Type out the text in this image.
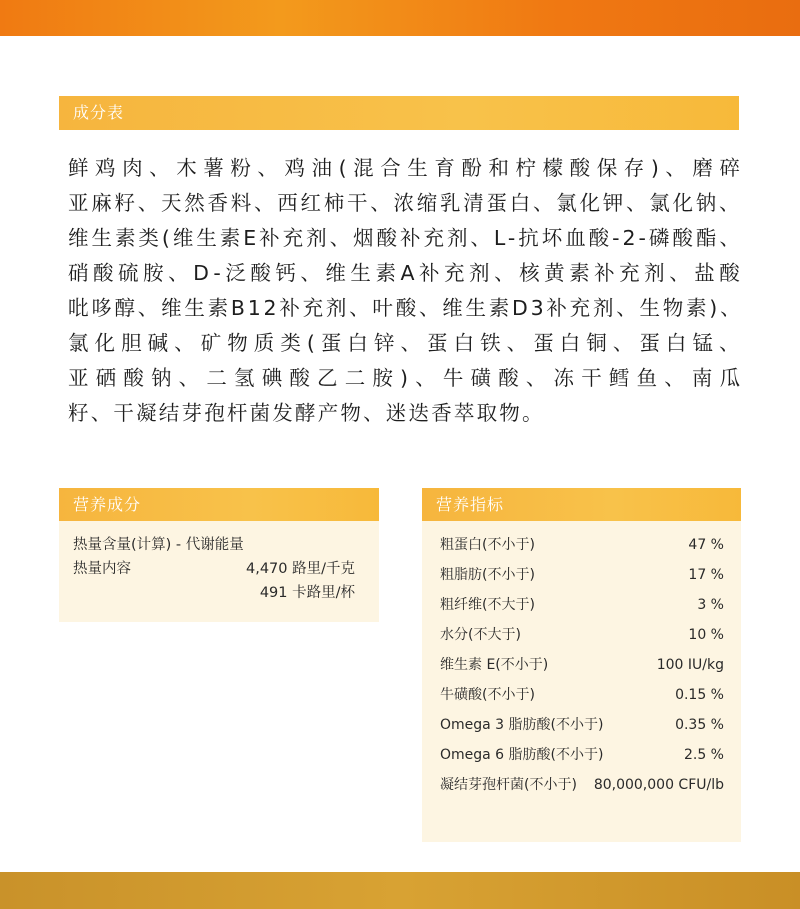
成分表
鲜鸡肉、木薯粉、鸡油(混合生育酚和柠檬酸保存)、磨碎
亚麻籽、天然香料、西红柿干、浓缩乳清蛋白、氯化钾、氯化钠、
维生素类(维生素E补充剂、烟酸补充剂、L-抗坏血酸-2-磷酸酯、
硝酸硫胺、D-泛酸钙、维生素A补充剂、核黄素补充剂、盐酸
吡哆醇、维生素B12补充剂、叶酸、维生素D3补充剂、生物素)、
氯化胆碱、矿物质类(蛋白锌、蛋白铁、蛋白铜、蛋白锰、
亚硒酸钠、二氢碘酸乙二胺)、牛磺酸、冻干鳕鱼、南瓜
籽、干凝结芽孢杆菌发酵产物、迷迭香萃取物。
营养成分
热量含量(计算) - 代谢能量
热量内容	4,470 路里/千克
491 卡路里/杯
营养指标
粗蛋白(不小于)	47 %
粗脂肪(不小于)	17 %
粗纤维(不大于)	3 %
水分(不大于)	10 %
维生素 E(不小于)	100 IU/kg
牛磺酸(不小于)	0.15 %
Omega 3 脂肪酸(不小于)	0.35 %
Omega 6 脂肪酸(不小于)	2.5 %
凝结芽孢杆菌(不小于) 80,000,000 CFU/lb
